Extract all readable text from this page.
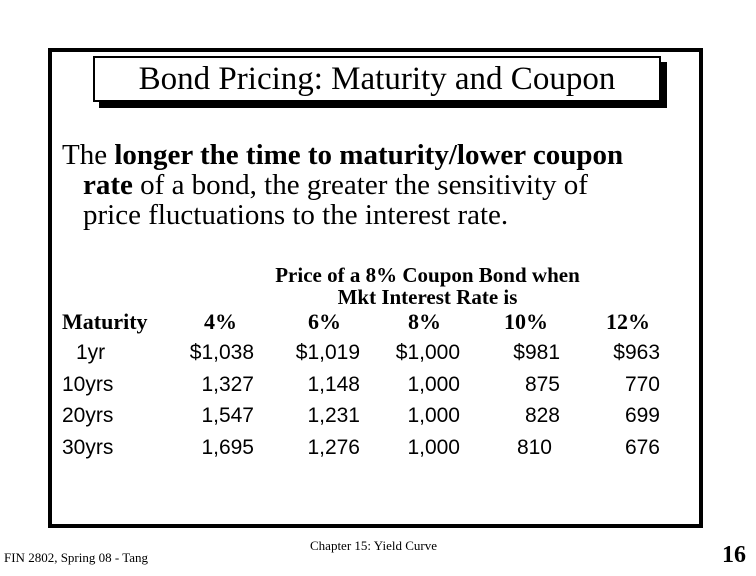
Bond Pricing: Maturity and Coupon
The longer the time to maturity/lower coupon
rate of a bond, the greater the sensitivity of
price fluctuations to the interest rate.
Price of a 8% Coupon Bond when Mkt Interest Rate is
Maturity	4%	6%	8%	10%	12%
1yr	$1,038	$1,019	$1,000	$981	$963
10yrs	1,327	1,148	1,000	875	770
20yrs	1,547	1,231	1,000	828	699
30yrs	1,695	1,276	1,000	810	676
FIN 2802, Spring 08 - Tang
Chapter 15: Yield Curve	16
